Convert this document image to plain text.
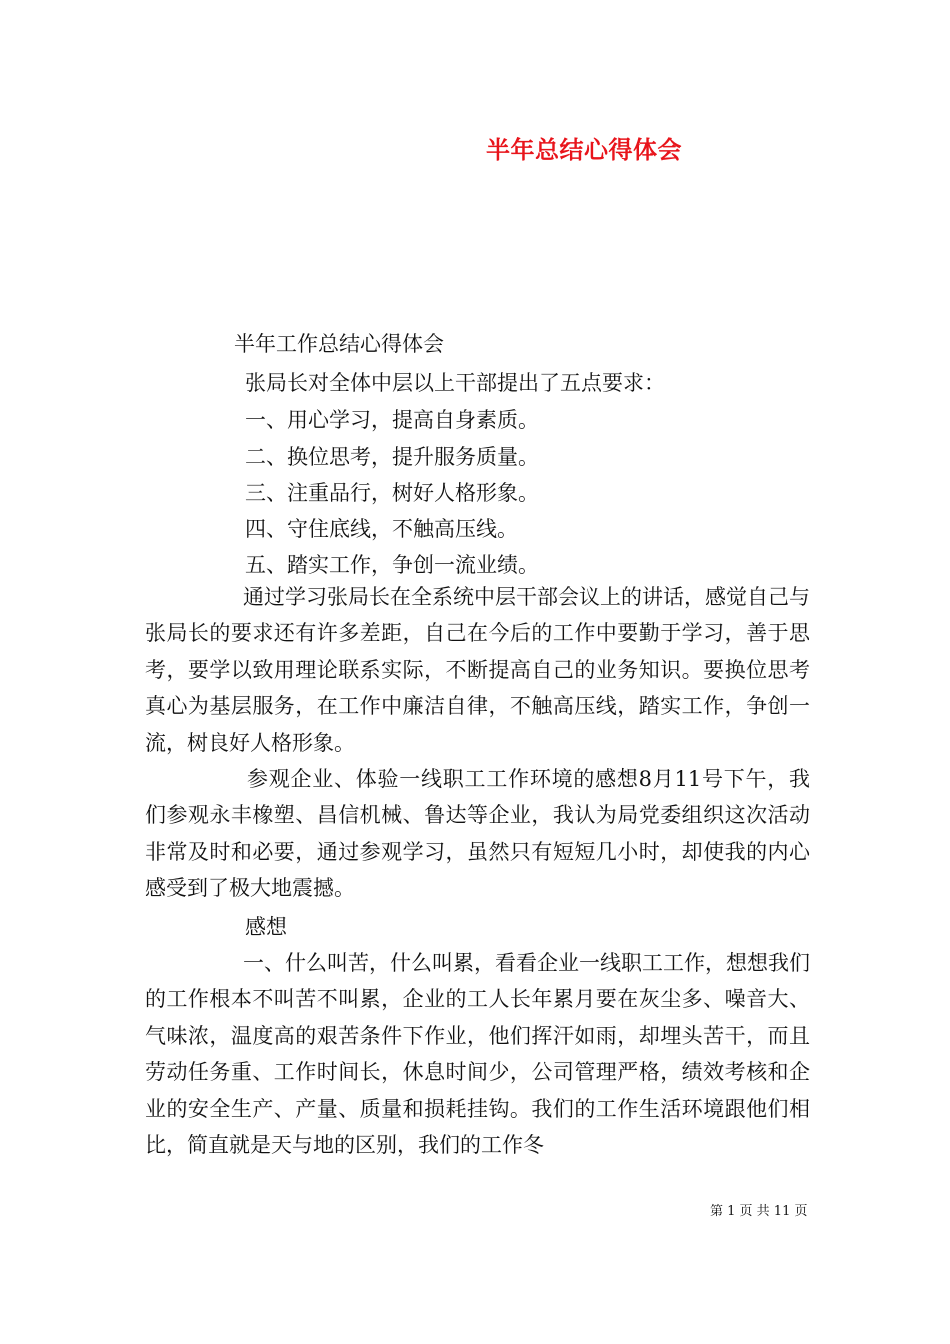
半年总结心得体会
半年工作总结心得体会
张局长对全体中层以上干部提出了五点要求：
一、用心学习，提高自身素质。
二、换位思考，提升服务质量。
三、注重品行，树好人格形象。
四、守住底线，不触高压线。
五、踏实工作，争创一流业绩。

通过学习张局长在全系统中层干部会议上的讲话，感觉自己与张局长的要求还有许多差距，自己在今后的工作中要勤于学习，善于思考，要学以致用理论联系实际，不断提高自己的业务知识。要换位思考真心为基层服务，在工作中廉洁自律，不触高压线，踏实工作，争创一流，树良好人格形象。

参观企业、体验一线职工工作环境的感想8月11号下午，我们参观永丰橡塑、昌信机械、鲁达等企业，我认为局党委组织这次活动非常及时和必要，通过参观学习，虽然只有短短几小时，却使我的内心感受到了极大地震撼。

感想

一、什么叫苦，什么叫累，看看企业一线职工工作，想想我们的工作根本不叫苦不叫累，企业的工人长年累月要在灰尘多、噪音大、气味浓，温度高的艰苦条件下作业，他们挥汗如雨，却埋头苦干，而且劳动任务重、工作时间长，休息时间少，公司管理严格，绩效考核和企业的安全生产、产量、质量和损耗挂钩。我们的工作生活环境跟他们相比，简直就是天与地的区别，我们的工作冬

第 1 页 共 11 页
